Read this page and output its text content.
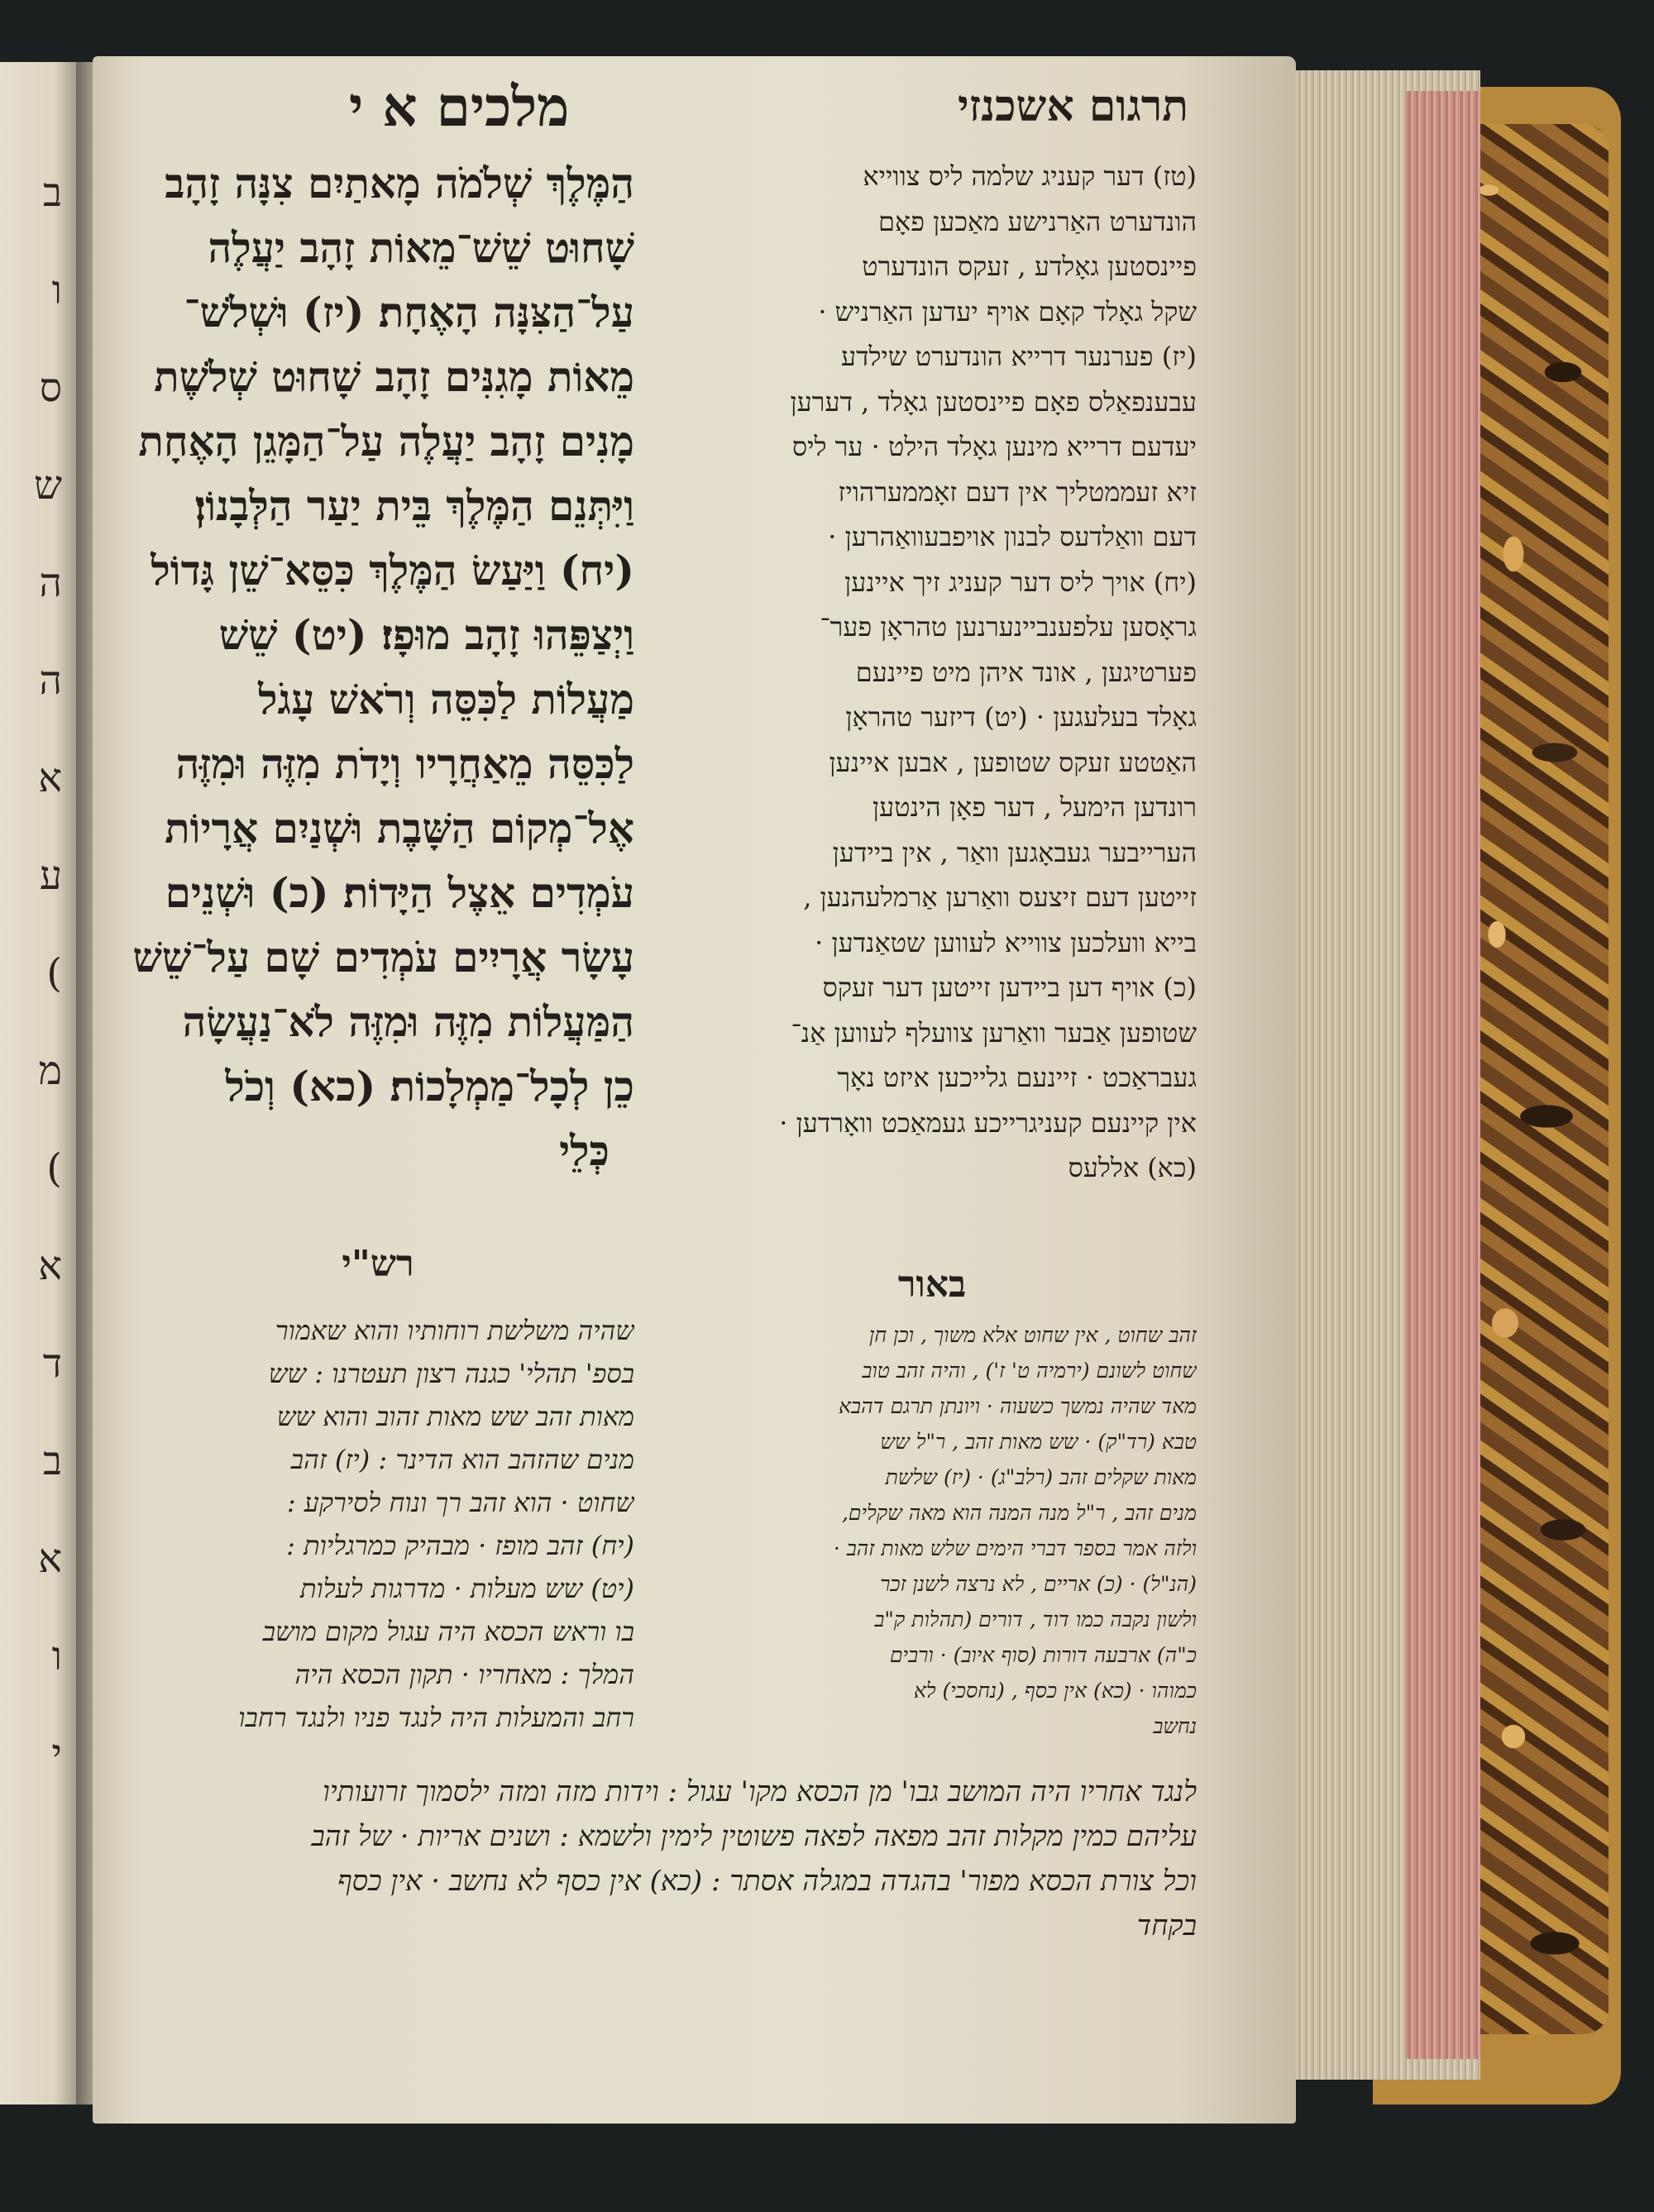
ב
ו
ס
ש
ה
ה
א
ע
(
מ
(
א
ד
ב
א
ו
י
תרגום אשכנזי
מלכים א י
(טז) דער קעניג שלמה ליס צווייא
הונדערט האַרנישע מאַכען פאָם
פיינסטען גאָלדע , זעקס הונדערט
שקל גאָלד קאָם אויף יעדען האַרניש ·
(יז) פערנער דרייא הונדערט שילדע
עבענפאַלס פאָם פיינסטען גאָלד , דערען
יעדעם דרייא מינען גאָלד הילט · ער ליס
זיא זעממטליך אין דעם זאָממערהויז
דעם וואַלדעס לבנון אויפבעוואַהרען ·
(יח) אויך ליס דער קעניג זיך איינען
גראָסען עלפענביינערנען טהראָן פער־
פערטיגען , אונד איהן מיט פיינעם
גאָלד בעלעגען · (יט) דיזער טהראָן
האַטטע זעקס שטופען , אבען איינען
רונדען הימעל , דער פאָן הינטען
הערייבער געבאָגען וואַר , אין ביידען
זייטען דעם זיצעס וואַרען אַרמלעהנען ,
בייא וועלכען צווייא לעווען שטאַנדען ·
(כ) אויף דען ביידען זייטען דער זעקס
שטופען אַבער וואַרען צוועלף לעווען אַנ־
געבראַכט · זיינעם גלייכען איזט נאָך
אין קיינעם קעניגרייכע געמאַכט וואָרדען ·
(כא) אללעס
הַמֶּלֶךְ שְׁלֹמֹה מָאתַיִם צִנָּה זָהָב
שָׁחוּט שֵׁשׁ־מֵאוֹת זָהָב יַעֲלֶה
עַל־הַצִּנָּה הָאֶחָת׃ (יז) וּשְׁלֹשׁ־
מֵאוֹת מָגִנִּים זָהָב שָׁחוּט שְׁלֹשֶׁת
מָנִים זָהָב יַעֲלֶה עַל־הַמָּגֵן הָאֶחָת
וַיִּתְּנֵם הַמֶּלֶךְ בֵּית יַעַר הַלְּבָנוֹן׃
(יח) וַיַּעַשׂ הַמֶּלֶךְ כִּסֵּא־שֵׁן גָּדוֹל
וַיְצַפֵּהוּ זָהָב מוּפָז׃ (יט) שֵׁשׁ
מַעֲלוֹת לַכִּסֵּה וְרֹאשׁ עָגֹל
לַכִּסֵּה מֵאַחֲרָיו וְיָדֹת מִזֶּה וּמִזֶּה
אֶל־מְקוֹם הַשָּׁבֶת וּשְׁנַיִם אֲרָיוֹת
עֹמְדִים אֵצֶל הַיָּדוֹת׃ (כ) וּשְׁנֵים
עָשָׂר אֲרָיִים עֹמְדִים שָׁם עַל־שֵׁשׁ
הַמַּעֲלוֹת מִזֶּה וּמִזֶּה לֹא־נַעֲשָׂה
כֵן לְכָל־מַמְלָכוֹת׃ (כא) וְכֹל
כְּלֵי
רש"י	באור
זהב שחוט , אין שחוט אלא משוך , וכן חן
שחוט לשונם (ירמיה ט' ז') , והיה זהב טוב
מאד שהיה נמשך כשעוה · ויונתן תרגם דהבא
טבא (רד"ק) · שש מאות זהב , ר"ל שש
מאות שקלים זהב (רלב"ג) · (יז) שלשת
מנים זהב , ר"ל מנה המנה הוא מאה שקלים,
ולזה אמר בספר דברי הימים שלש מאות זהב ·
(הנ"ל) · (כ) אריים , לא נרצה לשנן זכר
ולשון נקבה כמו דוד , דורים (תהלות ק"ב
כ"ה) ארבעה דורות (סוף איוב) · ורבים
כמוהו · (כא) אין כסף , (נחסכי) לא
נחשב
שהיה משלשת רוחותיו והוא שאמור
בספ' תהלי' כגנה רצון תעטרנו : שש
מאות זהב שש מאות זהוב והוא שש
מנים שהזהב הוא הדינר : (יז) זהב
שחוט · הוא זהב רך ונוח לסירקע :
(יח) זהב מופז · מבהיק כמרגליות :
(יט) שש מעלות · מדרגות לעלות
בו וראש הכסא היה עגול מקום מושב
המלך : מאחריו · תקון הכסא היה
רחב והמעלות היה לנגד פניו ולנגד רחבו
לנגד אחריו היה המושב גבו' מן הכסא מקו' עגול : וידות מזה ומזה ילסמוך זרועותיו
עליהם כמין מקלות זהב מפאה לפאה פשוטין לימין ולשמא : ושנים אריות · של זהב
וכל צורת הכסא מפור' בהגדה במגלה אסתר : (כא) אין כסף לא נחשב · אין כסף
בקחד
